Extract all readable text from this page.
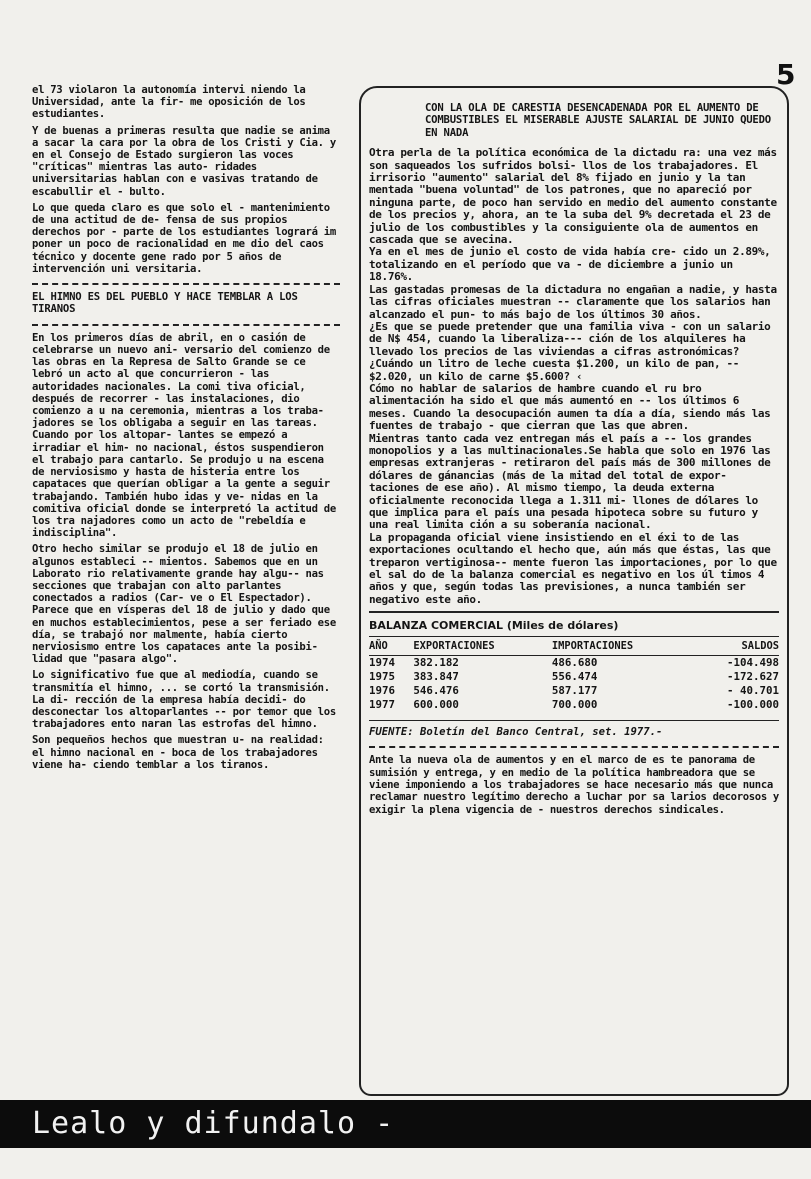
5

el 73 violaron la autonomía intervi niendo la Universidad, ante la fir- me oposición de los estudiantes.

Y de buenas a primeras resulta que nadie se anima a sacar la cara por la obra de los Cristi y Cia. y en el Consejo de Estado surgieron las voces "críticas" mientras las auto- ridades universitarias hablan con e vasivas tratando de escabullir el - bulto.

Lo que queda claro es que solo el - mantenimiento de una actitud de de- fensa de sus propios derechos por - parte de los estudiantes logrará im poner un poco de racionalidad en me dio del caos técnico y docente gene rado por 5 años de intervención uni versitaria.

EL HIMNO ES DEL PUEBLO Y HACE TEMBLAR A LOS TIRANOS

En los primeros días de abril, en o casión de celebrarse un nuevo ani- versario del comienzo de las obras en la Represa de Salto Grande se ce lebró un acto al que concurrieron - las autoridades nacionales. La comi tiva oficial, después de recorrer - las instalaciones, dio comienzo a u na ceremonia, mientras a los traba- jadores se los obligaba a seguir en las tareas. Cuando por los altopar- lantes se empezó a irradiar el him- no nacional, éstos suspendieron el trabajo para cantarlo. Se produjo u na escena de nerviosismo y hasta de histeria entre los capataces que querían obligar a la gente a seguir trabajando. También hubo idas y ve- nidas en la comitiva oficial donde se interpretó la actitud de los tra najadores como un acto de "rebeldía e indisciplina".

Otro hecho similar se produjo el 18 de julio en algunos estableci -- mientos. Sabemos que en un Laborato rio relativamente grande hay algu-- nas secciones que trabajan con alto parlantes conectados a radios (Car- ve o El Espectador). Parece que en vísperas del 18 de julio y dado que en muchos establecimientos, pese a ser feriado ese día, se trabajó nor malmente, había cierto nerviosismo entre los capataces ante la posibi- lidad que "pasara algo".

Lo significativo fue que al mediodía, cuando se transmitía el himno, ... se cortó la transmisión. La di- rección de la empresa había decidi- do desconectar los altoparlantes -- por temor que los trabajadores ento naran las estrofas del himno.

Son pequeños hechos que muestran u- na realidad: el himno nacional en - boca de los trabajadores viene ha- ciendo temblar a los tiranos.

CON LA OLA DE CARESTIA DESENCADENADA POR EL AUMENTO DE COMBUSTIBLES EL MISERABLE AJUSTE SALARIAL DE JUNIO QUEDO EN NADA

Otra perla de la política económica de la dictadu ra: una vez más son saqueados los sufridos bolsi- llos de los trabajadores. El irrisorio "aumento" salarial del 8% fijado en junio y la tan mentada "buena voluntad" de los patrones, que no apareció por ninguna parte, de poco han servido en medio del aumento constante de los precios y, ahora, an te la suba del 9% decretada el 23 de julio de los combustibles y la consiguiente ola de aumentos en cascada que se avecina.

Ya en el mes de junio el costo de vida había cre- cido un 2.89%, totalizando en el período que va - de diciembre a junio un 18.76%.

Las gastadas promesas de la dictadura no engañan a nadie, y hasta las cifras oficiales muestran -- claramente que los salarios han alcanzado el pun- to más bajo de los últimos 30 años.

¿Es que se puede pretender que una familia viva - con un salario de N$ 454, cuando la liberaliza--- ción de los alquileres ha llevado los precios de las viviendas a cifras astronómicas? ¿Cuándo un litro de leche cuesta $1.200, un kilo de pan, -- $2.020, un kilo de carne $5.600? ‹

Cómo no hablar de salarios de hambre cuando el ru bro alimentación ha sido el que más aumentó en -- los últimos 6 meses. Cuando la desocupación aumen ta día a día, siendo más las fuentes de trabajo - que cierran que las que abren.

Mientras tanto cada vez entregan más el país a -- los grandes monopolios y a las multinacionales.Se habla que solo en 1976 las empresas extranjeras - retiraron del país más de 300 millones de dólares de gánancias (más de la mitad del total de expor- taciones de ese año). Al mismo tiempo, la deuda externa oficialmente reconocida llega a 1.311 mi- llones de dólares lo que implica para el país una pesada hipoteca sobre su futuro y una real limita ción a su soberanía nacional.

La propaganda oficial viene insistiendo en el éxi to de las exportaciones ocultando el hecho que, aún más que éstas, las que treparon vertiginosa-- mente fueron las importaciones, por lo que el sal do de la balanza comercial es negativo en los úl timos 4 años y que, según todas las previsiones, a nunca también ser negativo este año.

BALANZA COMERCIAL (Miles de dólares)
AÑO	EXPORTACIONES	IMPORTACIONES	SALDOS
1974	382.182	486.680	-104.498
1975	383.847	556.474	-172.627
1976	546.476	587.177	- 40.701
1977	600.000	700.000	-100.000
FUENTE: Boletín del Banco Central, set. 1977.-
Ante la nueva ola de aumentos y en el marco de es te panorama de sumisión y entrega, y en medio de la política hambreadora que se viene imponiendo a los trabajadores se hace necesario más que nunca reclamar nuestro legítimo derecho a luchar por sa larios decorosos y exigir la plena vigencia de - nuestros derechos sindicales.
Lealo y difundalo -
